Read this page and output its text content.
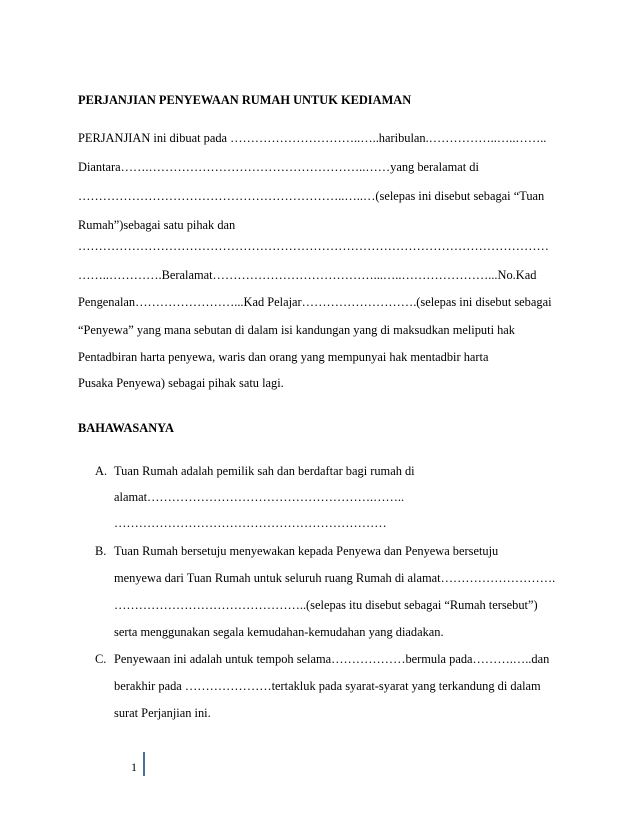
PERJANJIAN PENYEWAAN RUMAH UNTUK KEDIAMAN
PERJANJIAN ini dibuat pada …………………………..…..haribulan.……………..…..……..
Diantara…….……………………………………………..……yang beralamat di
………………………………………………………..…..…(selepas ini disebut sebagai “Tuan
Rumah”)sebagai satu pihak dan
……………………………………………………………………………………………………
……..………….Beralamat…………………………………...…..…………………...No.Kad
Pengenalan……………………...Kad Pelajar……………………….(selepas ini disebut sebagai
“Penyewa” yang mana sebutan di dalam isi kandungan yang di maksudkan meliputi hak
Pentadbiran harta penyewa, waris dan orang yang mempunyai hak mentadbir harta
Pusaka Penyewa) sebagai pihak satu lagi.
BAHAWASANYA
A. Tuan Rumah adalah pemilik sah dan berdaftar bagi rumah di
alamat……………………………………………….……..
…………………………………………………………
B. Tuan Rumah bersetuju menyewakan kepada Penyewa dan Penyewa bersetuju
menyewa dari Tuan Rumah untuk seluruh ruang Rumah di alamat……………………….
………………………………………..(selepas itu disebut sebagai “Rumah tersebut”)
serta menggunakan segala kemudahan-kemudahan yang diadakan.
C. Penyewaan ini adalah untuk tempoh selama………………bermula pada……….…..dan
berakhir pada …………………tertakluk pada syarat-syarat yang terkandung di dalam
surat Perjanjian ini.
1
